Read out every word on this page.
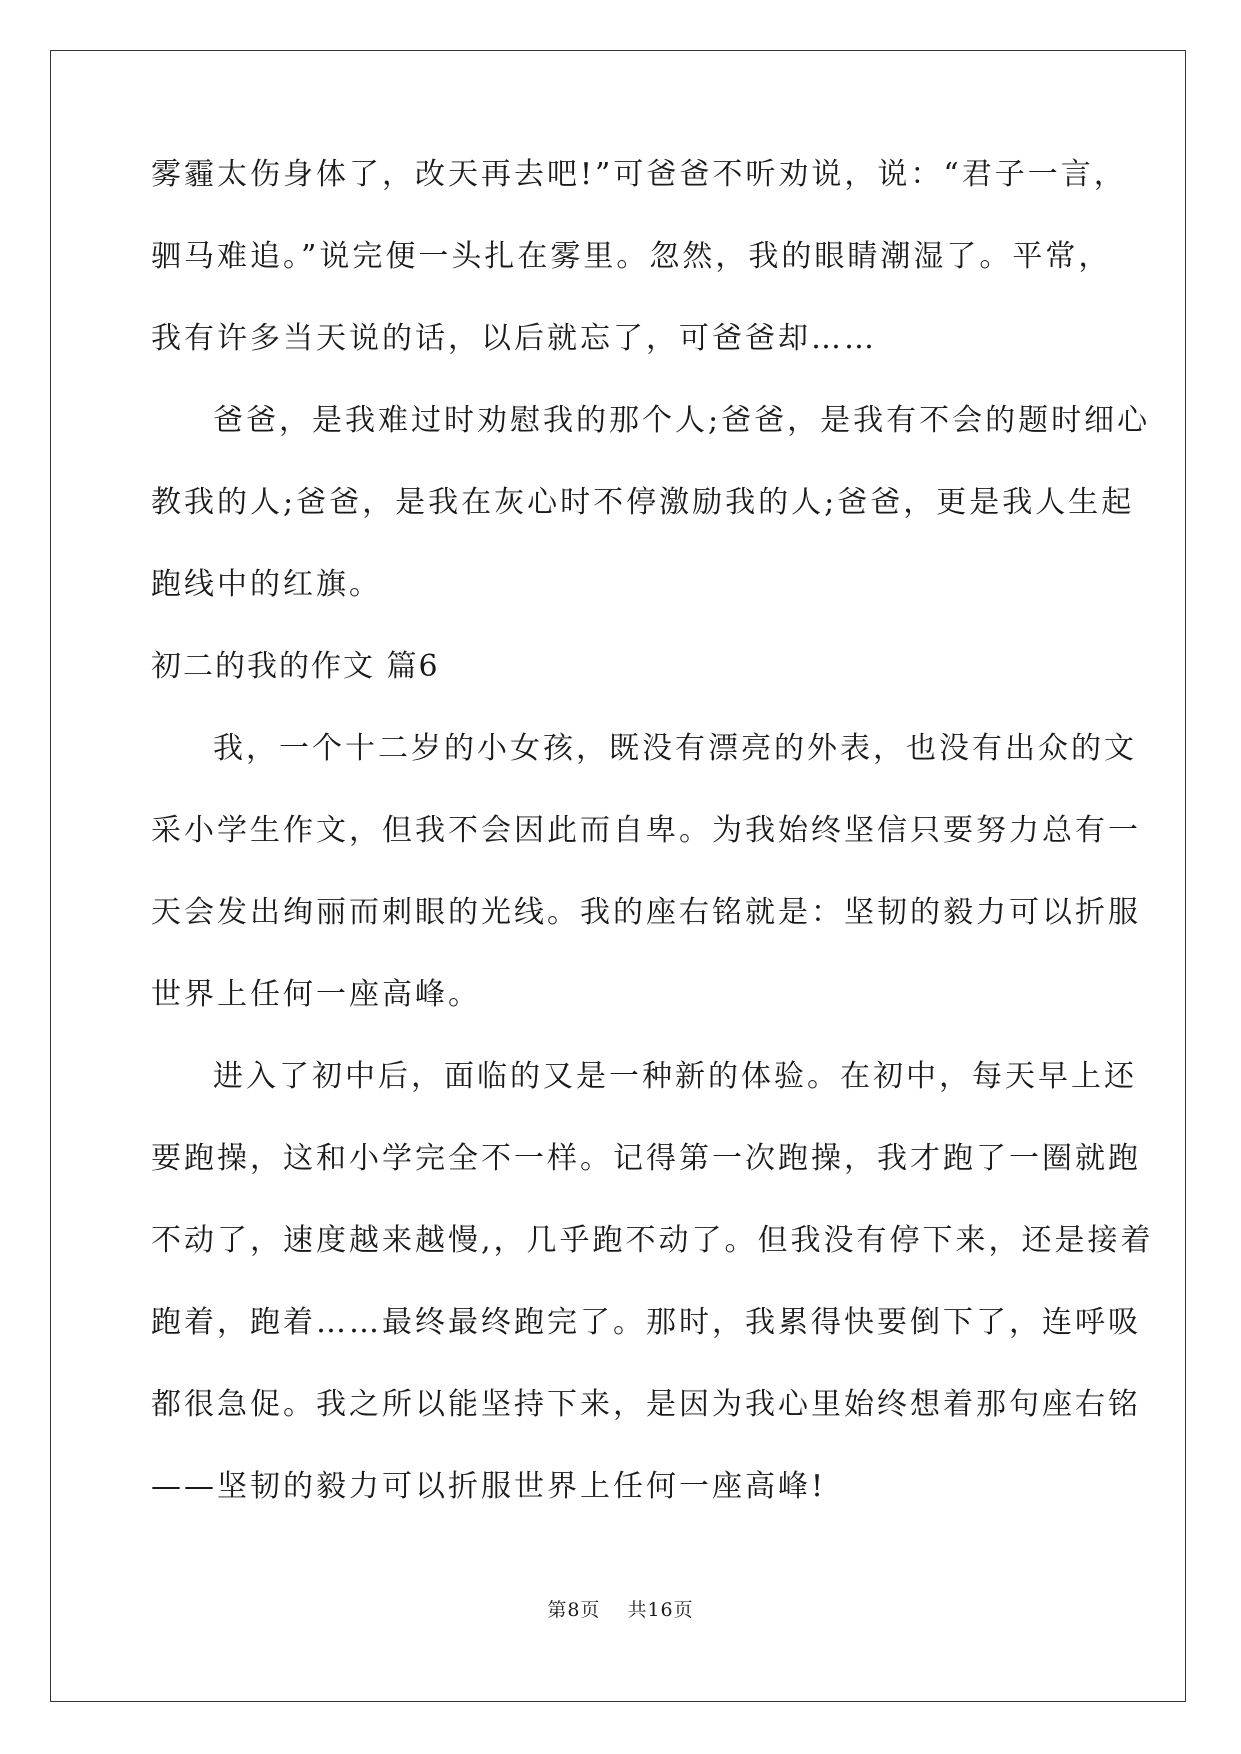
雾霾太伤身体了，改天再去吧!”可爸爸不听劝说，说：“君子一言，
驷马难追。”说完便一头扎在雾里。忽然，我的眼睛潮湿了。平常，
我有许多当天说的话，以后就忘了，可爸爸却……
爸爸，是我难过时劝慰我的那个人;爸爸，是我有不会的题时细心
教我的人;爸爸，是我在灰心时不停激励我的人;爸爸，更是我人生起
跑线中的红旗。
初二的我的作文 篇6
我，一个十二岁的小女孩，既没有漂亮的外表，也没有出众的文
采小学生作文，但我不会因此而自卑。为我始终坚信只要努力总有一
天会发出绚丽而刺眼的光线。我的座右铭就是：坚韧的毅力可以折服
世界上任何一座高峰。
进入了初中后，面临的又是一种新的体验。在初中，每天早上还
要跑操，这和小学完全不一样。记得第一次跑操，我才跑了一圈就跑
不动了，速度越来越慢,，几乎跑不动了。但我没有停下来，还是接着
跑着，跑着……最终最终跑完了。那时，我累得快要倒下了，连呼吸
都很急促。我之所以能坚持下来，是因为我心里始终想着那句座右铭
——坚韧的毅力可以折服世界上任何一座高峰!
第8页 共16页
